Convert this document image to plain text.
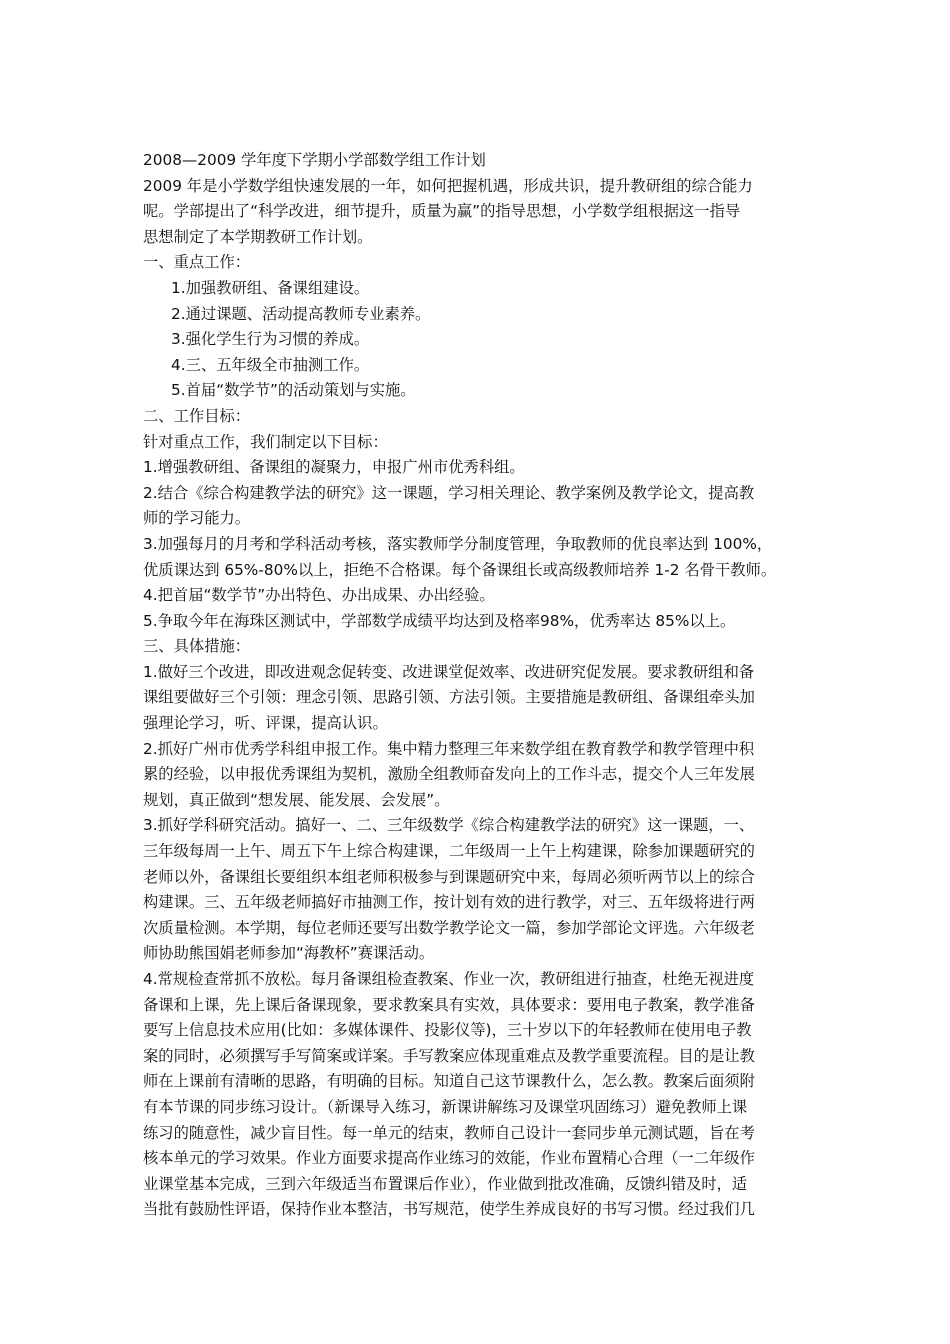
2008—2009 学年度下学期小学部数学组工作计划
2009 年是小学数学组快速发展的一年，如何把握机遇，形成共识，提升教研组的综合能力
呢。学部提出了“科学改进，细节提升，质量为赢”的指导思想，小学数学组根据这一指导
思想制定了本学期教研工作计划。
一、重点工作：
1.加强教研组、备课组建设。
2.通过课题、活动提高教师专业素养。
3.强化学生行为习惯的养成。
4.三、五年级全市抽测工作。
5.首届“数学节”的活动策划与实施。
二、工作目标：
针对重点工作，我们制定以下目标：
1.增强教研组、备课组的凝聚力，申报广州市优秀科组。
2.结合《综合构建教学法的研究》这一课题，学习相关理论、教学案例及教学论文，提高教
师的学习能力。
3.加强每月的月考和学科活动考核，落实教师学分制度管理，争取教师的优良率达到 100%，
优质课达到 65%-80%以上，拒绝不合格课。每个备课组长或高级教师培养 1-2 名骨干教师。
4.把首届“数学节”办出特色、办出成果、办出经验。
5.争取今年在海珠区测试中，学部数学成绩平均达到及格率98%，优秀率达 85%以上。
三、具体措施：
1.做好三个改进，即改进观念促转变、改进课堂促效率、改进研究促发展。要求教研组和备
课组要做好三个引领：理念引领、思路引领、方法引领。主要措施是教研组、备课组牵头加
强理论学习，听、评课，提高认识。
2.抓好广州市优秀学科组申报工作。集中精力整理三年来数学组在教育教学和教学管理中积
累的经验，以申报优秀课组为契机，激励全组教师奋发向上的工作斗志，提交个人三年发展
规划，真正做到“想发展、能发展、会发展”。
3.抓好学科研究活动。搞好一、二、三年级数学《综合构建教学法的研究》这一课题，一、
三年级每周一上午、周五下午上综合构建课，二年级周一上午上构建课，除参加课题研究的
老师以外，备课组长要组织本组老师积极参与到课题研究中来，每周必须听两节以上的综合
构建课。三、五年级老师搞好市抽测工作，按计划有效的进行教学，对三、五年级将进行两
次质量检测。本学期，每位老师还要写出数学教学论文一篇，参加学部论文评选。六年级老
师协助熊国娟老师参加“海教杯”赛课活动。
4.常规检查常抓不放松。每月备课组检查教案、作业一次，教研组进行抽查，杜绝无视进度
备课和上课，先上课后备课现象，要求教案具有实效，具体要求：要用电子教案，教学准备
要写上信息技术应用(比如：多媒体课件、投影仪等)，三十岁以下的年轻教师在使用电子教
案的同时，必须撰写手写简案或详案。手写教案应体现重难点及教学重要流程。目的是让教
师在上课前有清晰的思路，有明确的目标。知道自己这节课教什么，怎么教。教案后面须附
有本节课的同步练习设计。（新课导入练习，新课讲解练习及课堂巩固练习）避免教师上课
练习的随意性，减少盲目性。每一单元的结束，教师自己设计一套同步单元测试题，旨在考
核本单元的学习效果。作业方面要求提高作业练习的效能，作业布置精心合理（一二年级作
业课堂基本完成，三到六年级适当布置课后作业），作业做到批改准确，反馈纠错及时，适
当批有鼓励性评语，保持作业本整洁，书写规范，使学生养成良好的书写习惯。经过我们几
